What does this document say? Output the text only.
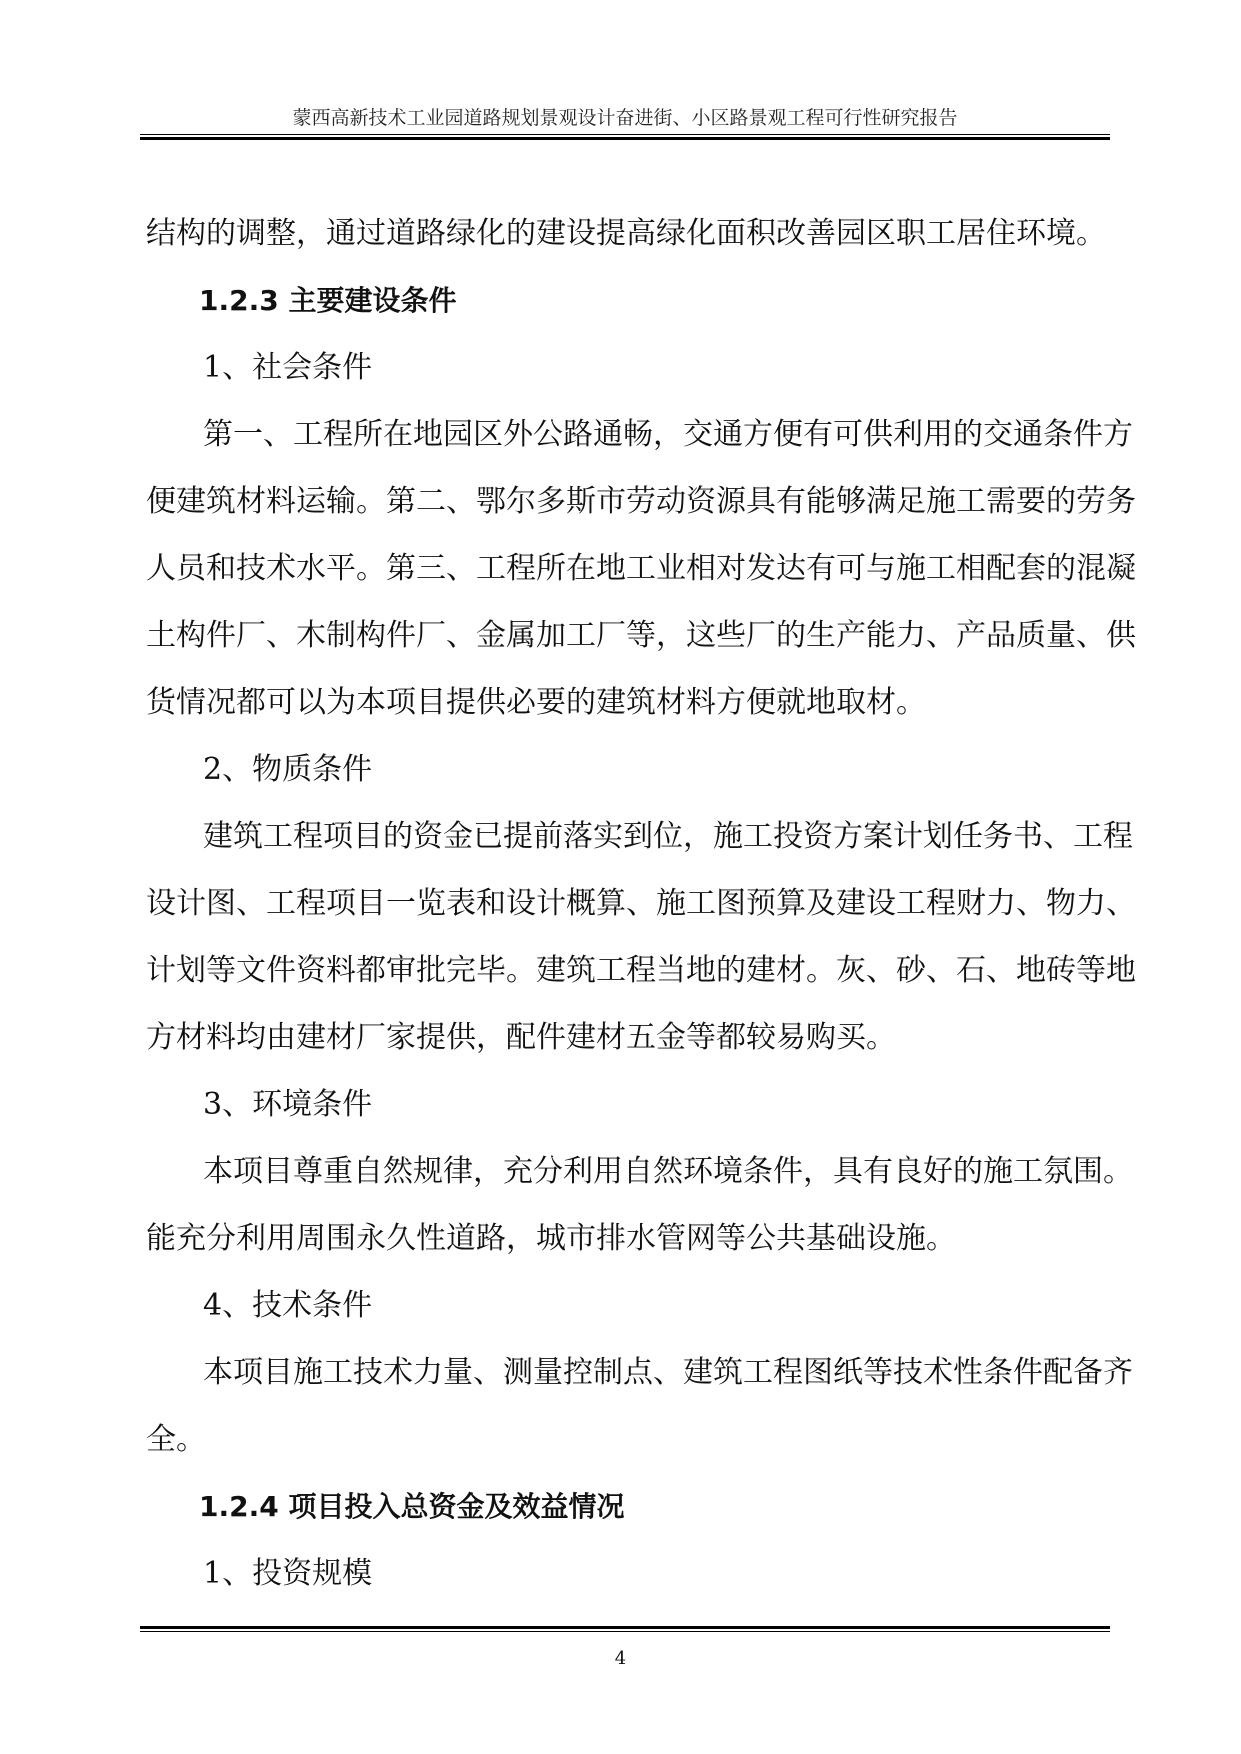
蒙西高新技术工业园道路规划景观设计奋进街、小区路景观工程可行性研究报告
结构的调整，通过道路绿化的建设提高绿化面积改善园区职工居住环境。
1.2.3 主要建设条件
1、社会条件
第一、工程所在地园区外公路通畅，交通方便有可供利用的交通条件方
便建筑材料运输。第二、鄂尔多斯市劳动资源具有能够满足施工需要的劳务
人员和技术水平。第三、工程所在地工业相对发达有可与施工相配套的混凝
土构件厂、木制构件厂、金属加工厂等，这些厂的生产能力、产品质量、供
货情况都可以为本项目提供必要的建筑材料方便就地取材。
2、物质条件
建筑工程项目的资金已提前落实到位，施工投资方案计划任务书、工程
设计图、工程项目一览表和设计概算、施工图预算及建设工程财力、物力、
计划等文件资料都审批完毕。建筑工程当地的建材。灰、砂、石、地砖等地
方材料均由建材厂家提供，配件建材五金等都较易购买。
3、环境条件
本项目尊重自然规律，充分利用自然环境条件，具有良好的施工氛围。
能充分利用周围永久性道路，城市排水管网等公共基础设施。
4、技术条件
本项目施工技术力量、测量控制点、建筑工程图纸等技术性条件配备齐
全。
1.2.4 项目投入总资金及效益情况
1、投资规模
4
